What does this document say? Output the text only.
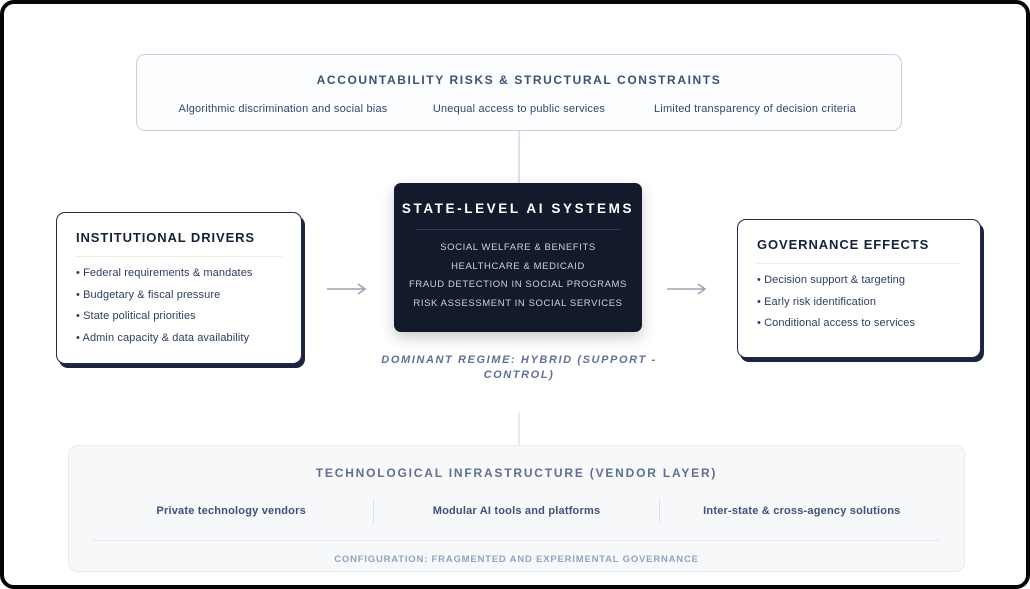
ACCOUNTABILITY RISKS & STRUCTURAL CONSTRAINTS
Algorithmic discrimination and social bias	Unequal access to public services	Limited transparency of decision criteria
INSTITUTIONAL DRIVERS
• Federal requirements & mandates
• Budgetary & fiscal pressure
• State political priorities
• Admin capacity & data availability
STATE-LEVEL AI SYSTEMS
SOCIAL WELFARE & BENEFITS
HEALTHCARE & MEDICAID
FRAUD DETECTION IN SOCIAL PROGRAMS
RISK ASSESSMENT IN SOCIAL SERVICES
GOVERNANCE EFFECTS
• Decision support & targeting
• Early risk identification
• Conditional access to services
DOMINANT REGIME: HYBRID (SUPPORT - CONTROL)
TECHNOLOGICAL INFRASTRUCTURE (VENDOR LAYER)
Private technology vendors	Modular AI tools and platforms	Inter-state & cross-agency solutions
CONFIGURATION: FRAGMENTED AND EXPERIMENTAL GOVERNANCE
